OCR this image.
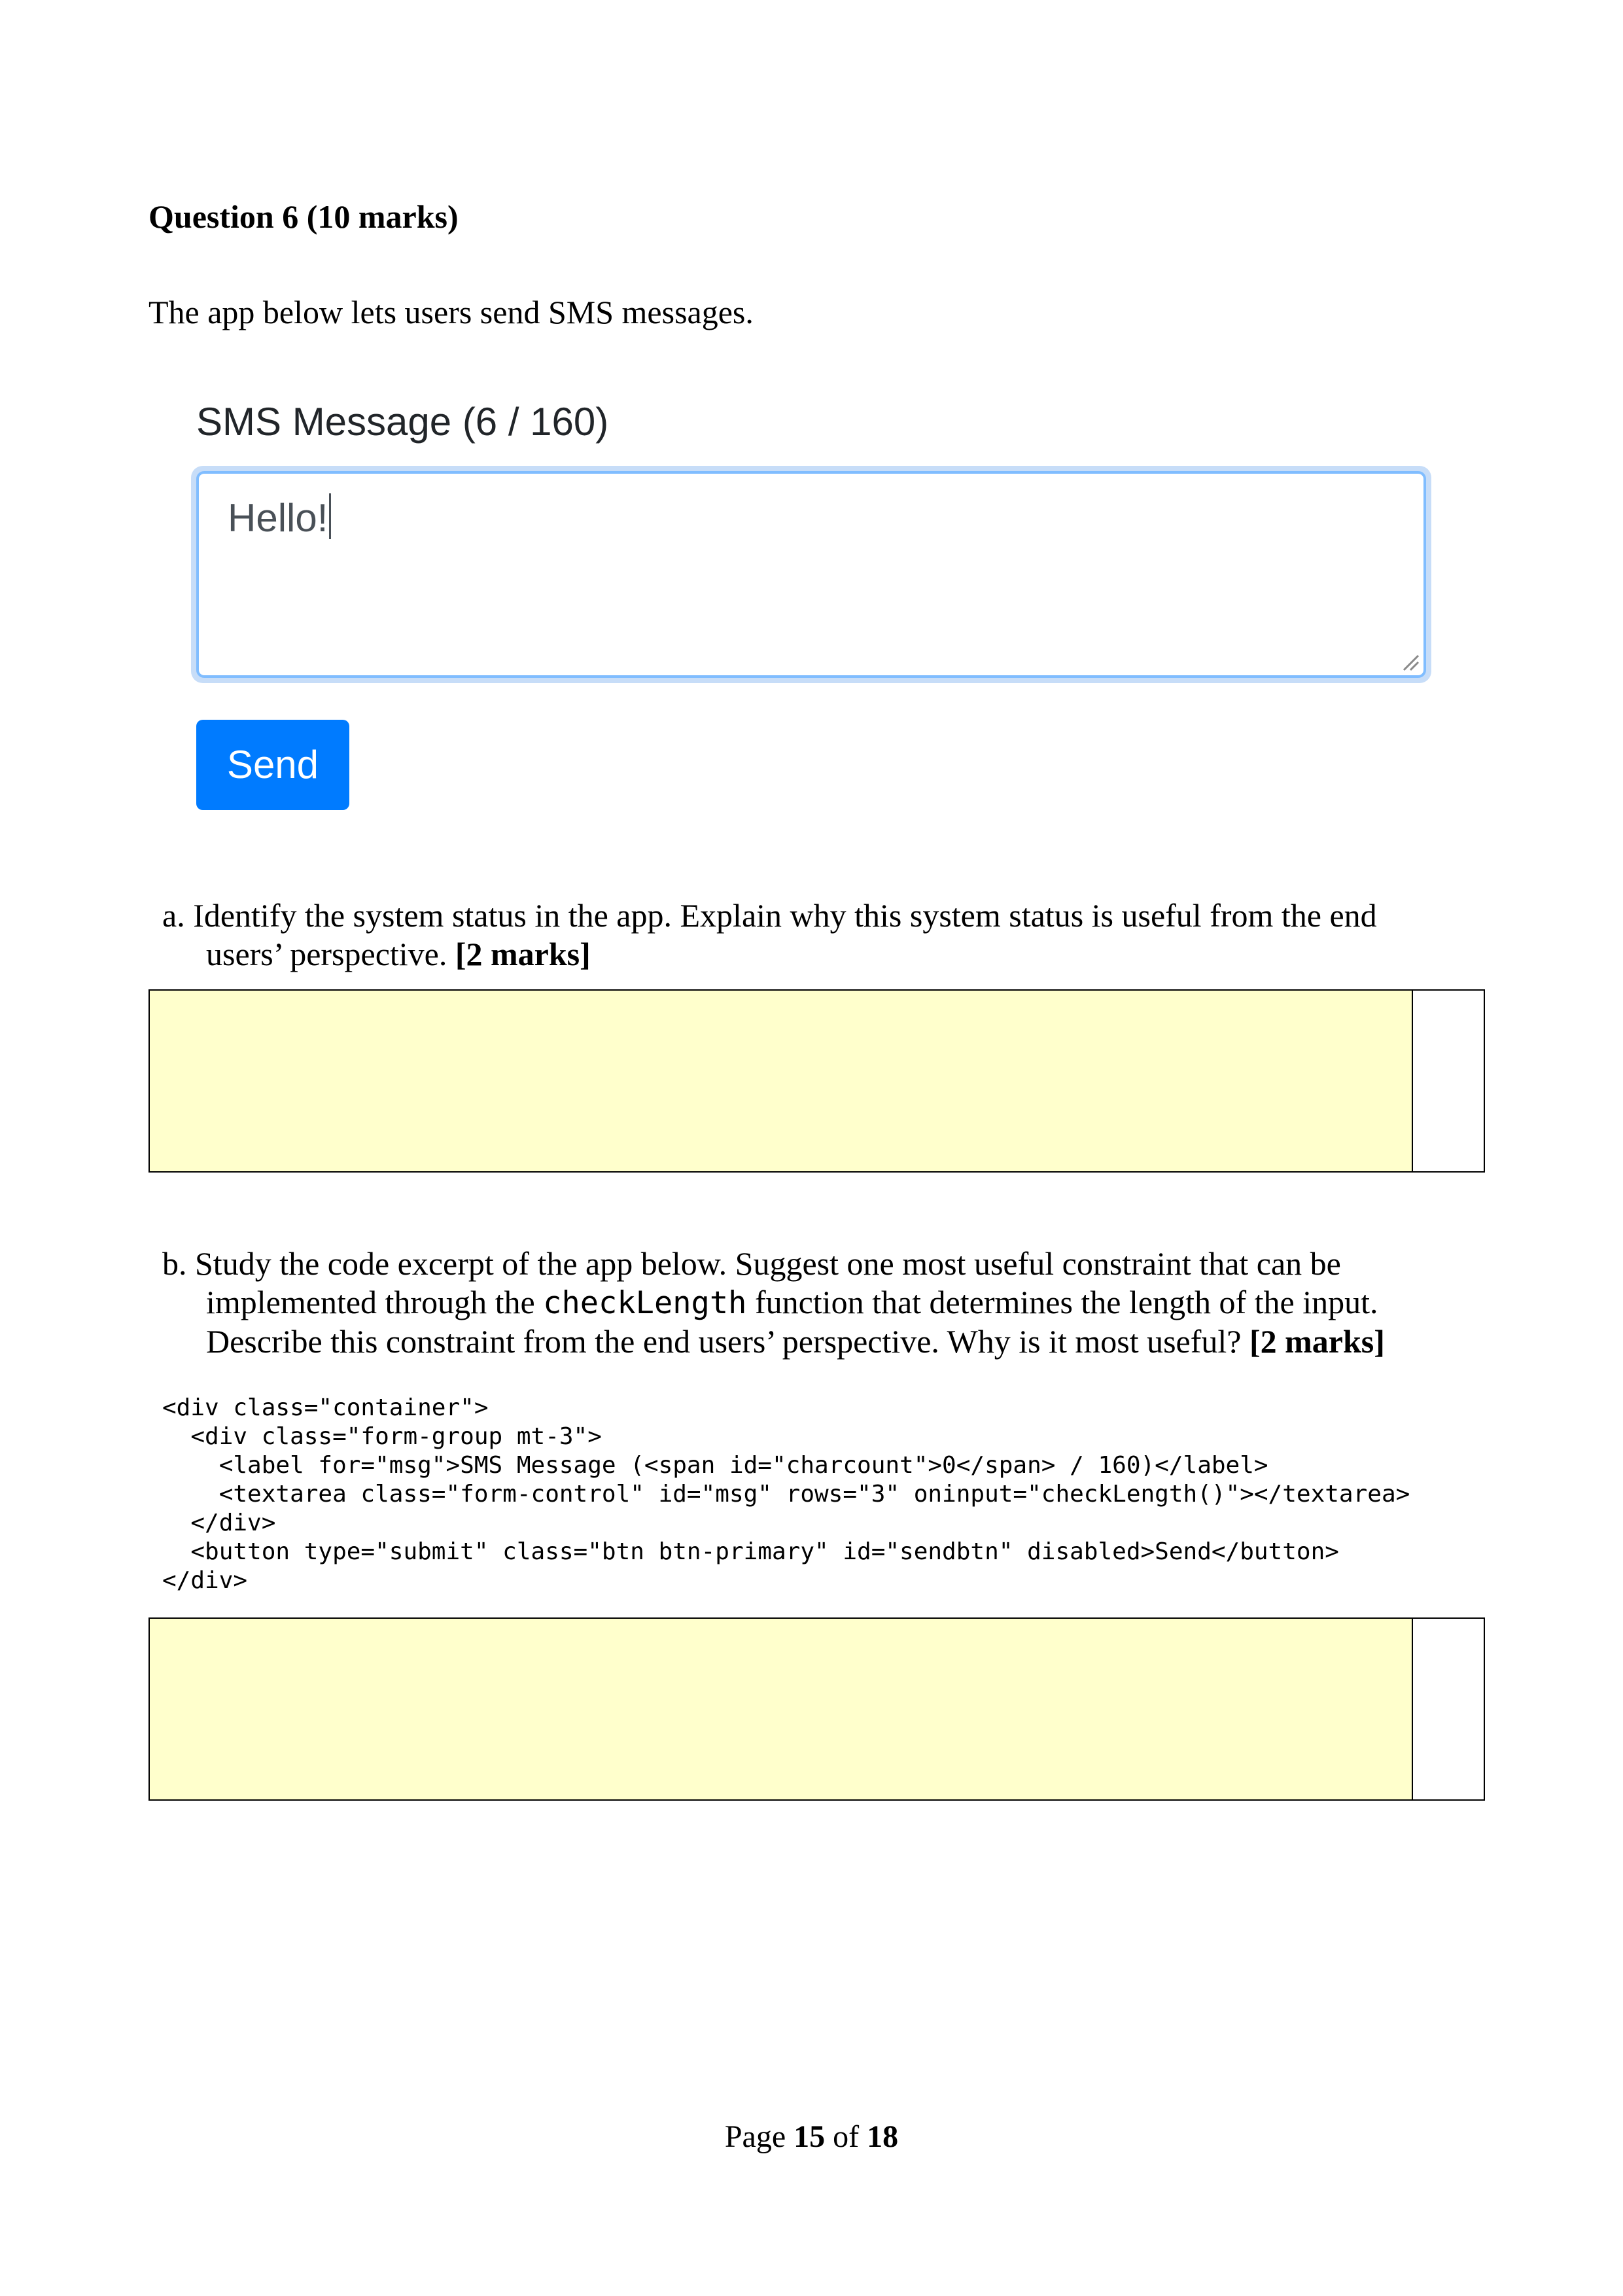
Question 6 (10 marks)
The app below lets users send SMS messages.
SMS Message (6 / 160)
Hello!
Send
a. Identify the system status in the app. Explain why this system status is useful from the end
users’ perspective. [2 marks]
b. Study the code excerpt of the app below. Suggest one most useful constraint that can be
implemented through the checkLength function that determines the length of the input.
Describe this constraint from the end users’ perspective. Why is it most useful? [2 marks]
<div class="container">
<div class="form-group mt-3">
<label for="msg">SMS Message (<span id="charcount">0</span> / 160)</label>
<textarea class="form-control" id="msg" rows="3" oninput="checkLength()"></textarea>
</div>
<button type="submit" class="btn btn-primary" id="sendbtn" disabled>Send</button>
</div>
Page 15 of 18
